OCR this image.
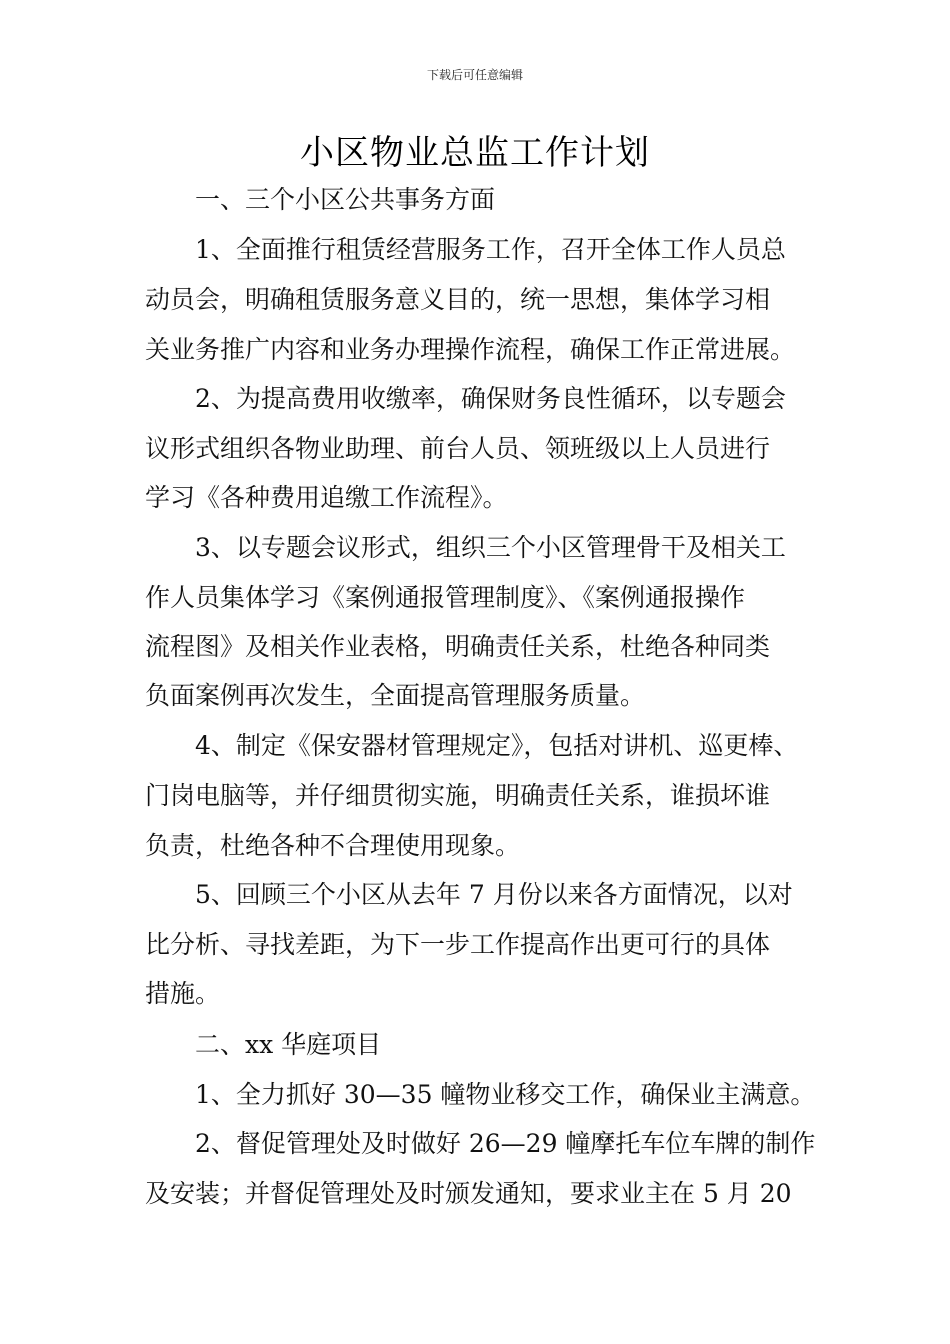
下载后可任意编辑
小区物业总监工作计划
一、三个小区公共事务方面
1、全面推行租赁经营服务工作，召开全体工作人员总
动员会，明确租赁服务意义目的，统一思想，集体学习相
关业务推广内容和业务办理操作流程，确保工作正常进展。
2、为提高费用收缴率，确保财务良性循环，以专题会
议形式组织各物业助理、前台人员、领班级以上人员进行
学习《各种费用追缴工作流程》。
3、以专题会议形式，组织三个小区管理骨干及相关工
作人员集体学习《案例通报管理制度》、《案例通报操作
流程图》及相关作业表格，明确责任关系，杜绝各种同类
负面案例再次发生，全面提高管理服务质量。
4、制定《保安器材管理规定》，包括对讲机、巡更棒、
门岗电脑等，并仔细贯彻实施，明确责任关系，谁损坏谁
负责，杜绝各种不合理使用现象。
5、回顾三个小区从去年 7 月份以来各方面情况，以对
比分析、寻找差距，为下一步工作提高作出更可行的具体
措施。
二、xx 华庭项目
1、全力抓好 30—35 幢物业移交工作，确保业主满意。
2、督促管理处及时做好 26—29 幢摩托车位车牌的制作
及安装；并督促管理处及时颁发通知，要求业主在 5 月 20
